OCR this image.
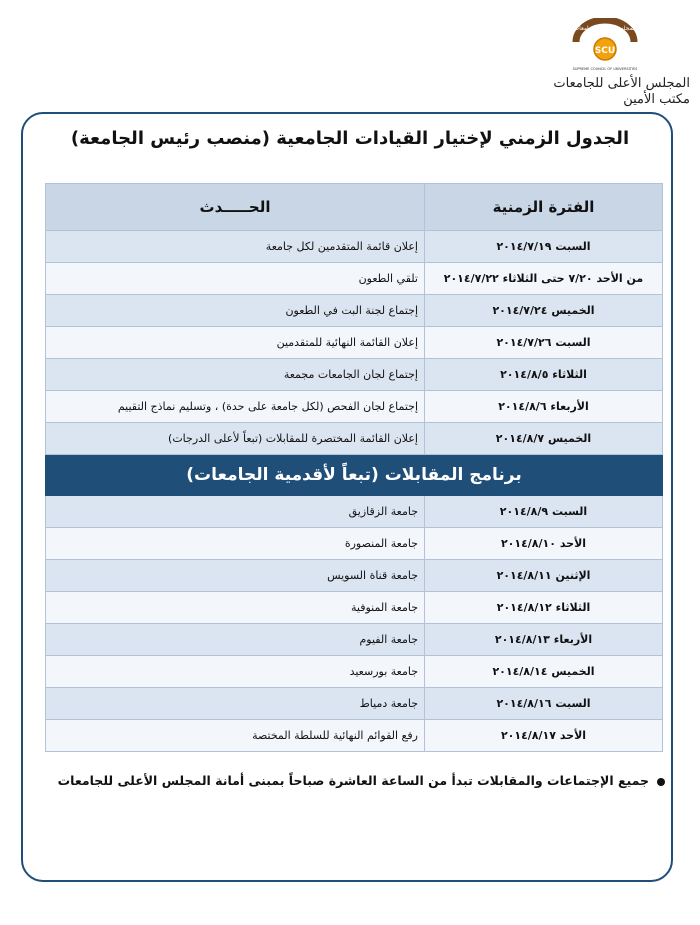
المجلس الأعلى للجامعات
SCU
SUPREME COUNCIL OF UNIVERSITIES
المجلس الأعلى للجامعات
مكتب الأمين
الجدول الزمني لإختيار القيادات الجامعية (منصب رئيس الجامعة)
الفترة الزمنية	الحـــــدث
السبت ٢٠١٤/٧/١٩	إعلان قائمة المتقدمين لكل جامعة
من الأحد ٧/٢٠ حتى الثلاثاء ٢٠١٤/٧/٢٢	تلقي الطعون
الخميس ٢٠١٤/٧/٢٤	إجتماع لجنة البت في الطعون
السبت ٢٠١٤/٧/٢٦	إعلان القائمة النهائية للمتقدمين
الثلاثاء ٢٠١٤/٨/٥	إجتماع لجان الجامعات مجمعة
الأربعاء ٢٠١٤/٨/٦	إجتماع لجان الفحص (لكل جامعة على حدة) ، وتسليم نماذج التقييم
الخميس ٢٠١٤/٨/٧	إعلان القائمة المختصرة للمقابلات (تبعاً لأعلى الدرجات)
برنامج المقابلات (تبعاً لأقدمية الجامعات)	
السبت ٢٠١٤/٨/٩	جامعة الزقازيق
الأحد ٢٠١٤/٨/١٠	جامعة المنصورة
الإثنين ٢٠١٤/٨/١١	جامعة قناة السويس
الثلاثاء ٢٠١٤/٨/١٢	جامعة المنوفية
الأربعاء ٢٠١٤/٨/١٣	جامعة الفيوم
الخميس ٢٠١٤/٨/١٤	جامعة بورسعيد
السبت ٢٠١٤/٨/١٦	جامعة دمياط
الأحد ٢٠١٤/٨/١٧	رفع القوائم النهائية للسلطة المختصة
جميع الإجتماعات والمقابلات تبدأ من الساعة العاشرة صباحاً بمبنى أمانة المجلس الأعلى للجامعات
